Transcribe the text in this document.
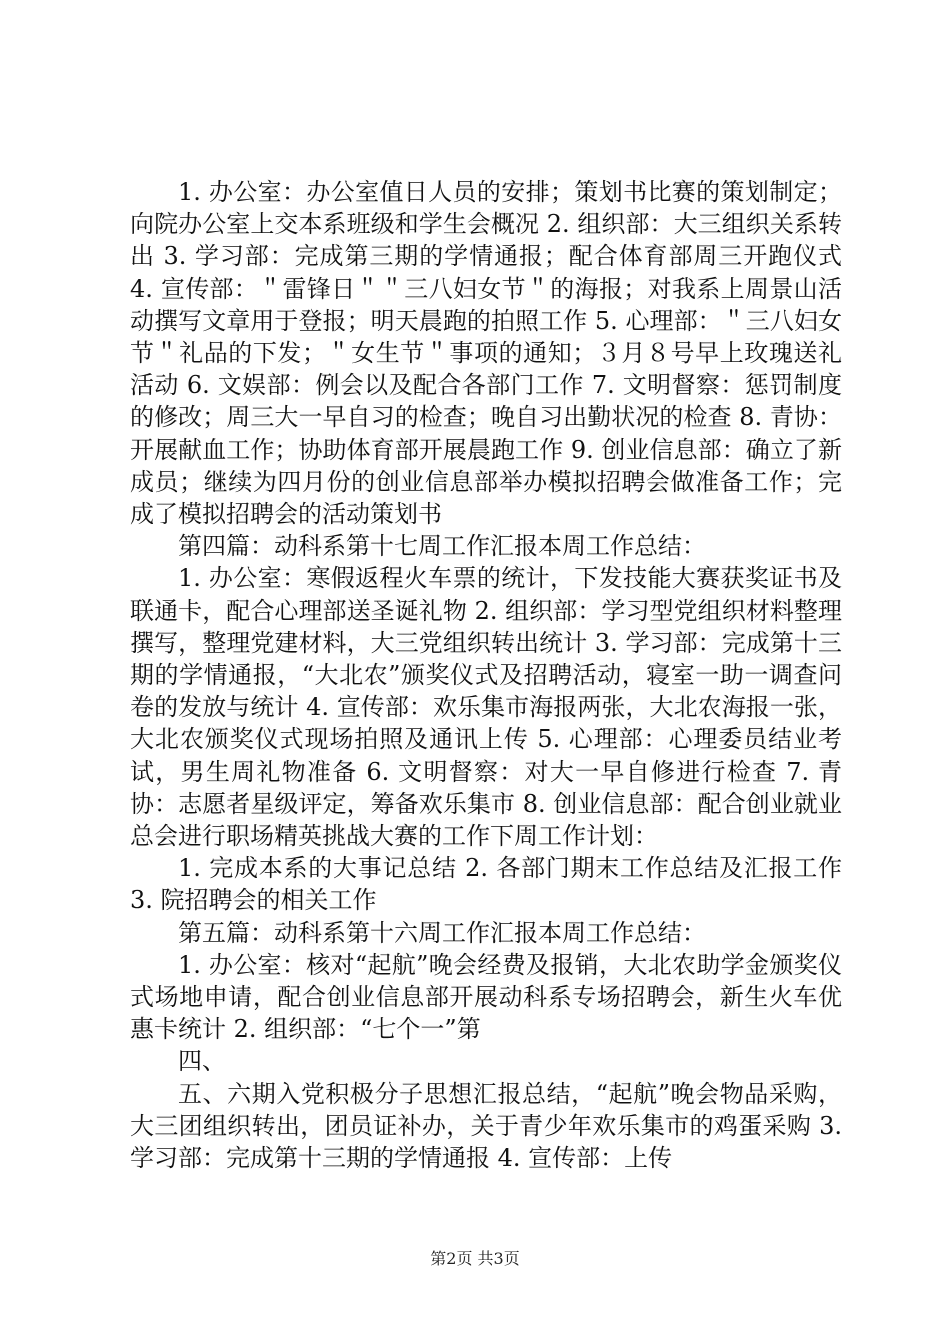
1. 办公室：办公室值日人员的安排；策划书比赛的策划制定；向院办公室上交本系班级和学生会概况 2. 组织部：大三组织关系转出 3. 学习部：完成第三期的学情通报；配合体育部周三开跑仪式 4. 宣传部：＂雷锋日＂＂三八妇女节＂的海报；对我系上周景山活动撰写文章用于登报；明天晨跑的拍照工作 5. 心理部：＂三八妇女节＂礼品的下发；＂女生节＂事项的通知；３月８号早上玫瑰送礼活动 6. 文娱部：例会以及配合各部门工作 7. 文明督察：惩罚制度的修改；周三大一早自习的检查；晚自习出勤状况的检查 8. 青协：开展献血工作；协助体育部开展晨跑工作 9. 创业信息部：确立了新成员；继续为四月份的创业信息部举办模拟招聘会做准备工作；完成了模拟招聘会的活动策划书

第四篇：动科系第十七周工作汇报本周工作总结：

1. 办公室：寒假返程火车票的统计，下发技能大赛获奖证书及联通卡，配合心理部送圣诞礼物 2. 组织部：学习型党组织材料整理撰写，整理党建材料，大三党组织转出统计 3. 学习部：完成第十三期的学情通报，“大北农”颁奖仪式及招聘活动，寝室一助一调查问卷的发放与统计 4. 宣传部：欢乐集市海报两张，大北农海报一张，大北农颁奖仪式现场拍照及通讯上传 5. 心理部：心理委员结业考试，男生周礼物准备 6. 文明督察：对大一早自修进行检查 7. 青协：志愿者星级评定，筹备欢乐集市 8. 创业信息部：配合创业就业总会进行职场精英挑战大赛的工作下周工作计划：

1. 完成本系的大事记总结 2. 各部门期末工作总结及汇报工作 3. 院招聘会的相关工作

第五篇：动科系第十六周工作汇报本周工作总结：

1. 办公室：核对“起航”晚会经费及报销，大北农助学金颁奖仪式场地申请，配合创业信息部开展动科系专场招聘会，新生火车优惠卡统计 2. 组织部：“七个一”第

四、

五、六期入党积极分子思想汇报总结，“起航”晚会物品采购，大三团组织转出，团员证补办，关于青少年欢乐集市的鸡蛋采购 3. 学习部：完成第十三期的学情通报 4. 宣传部：上传

第2页 共3页
